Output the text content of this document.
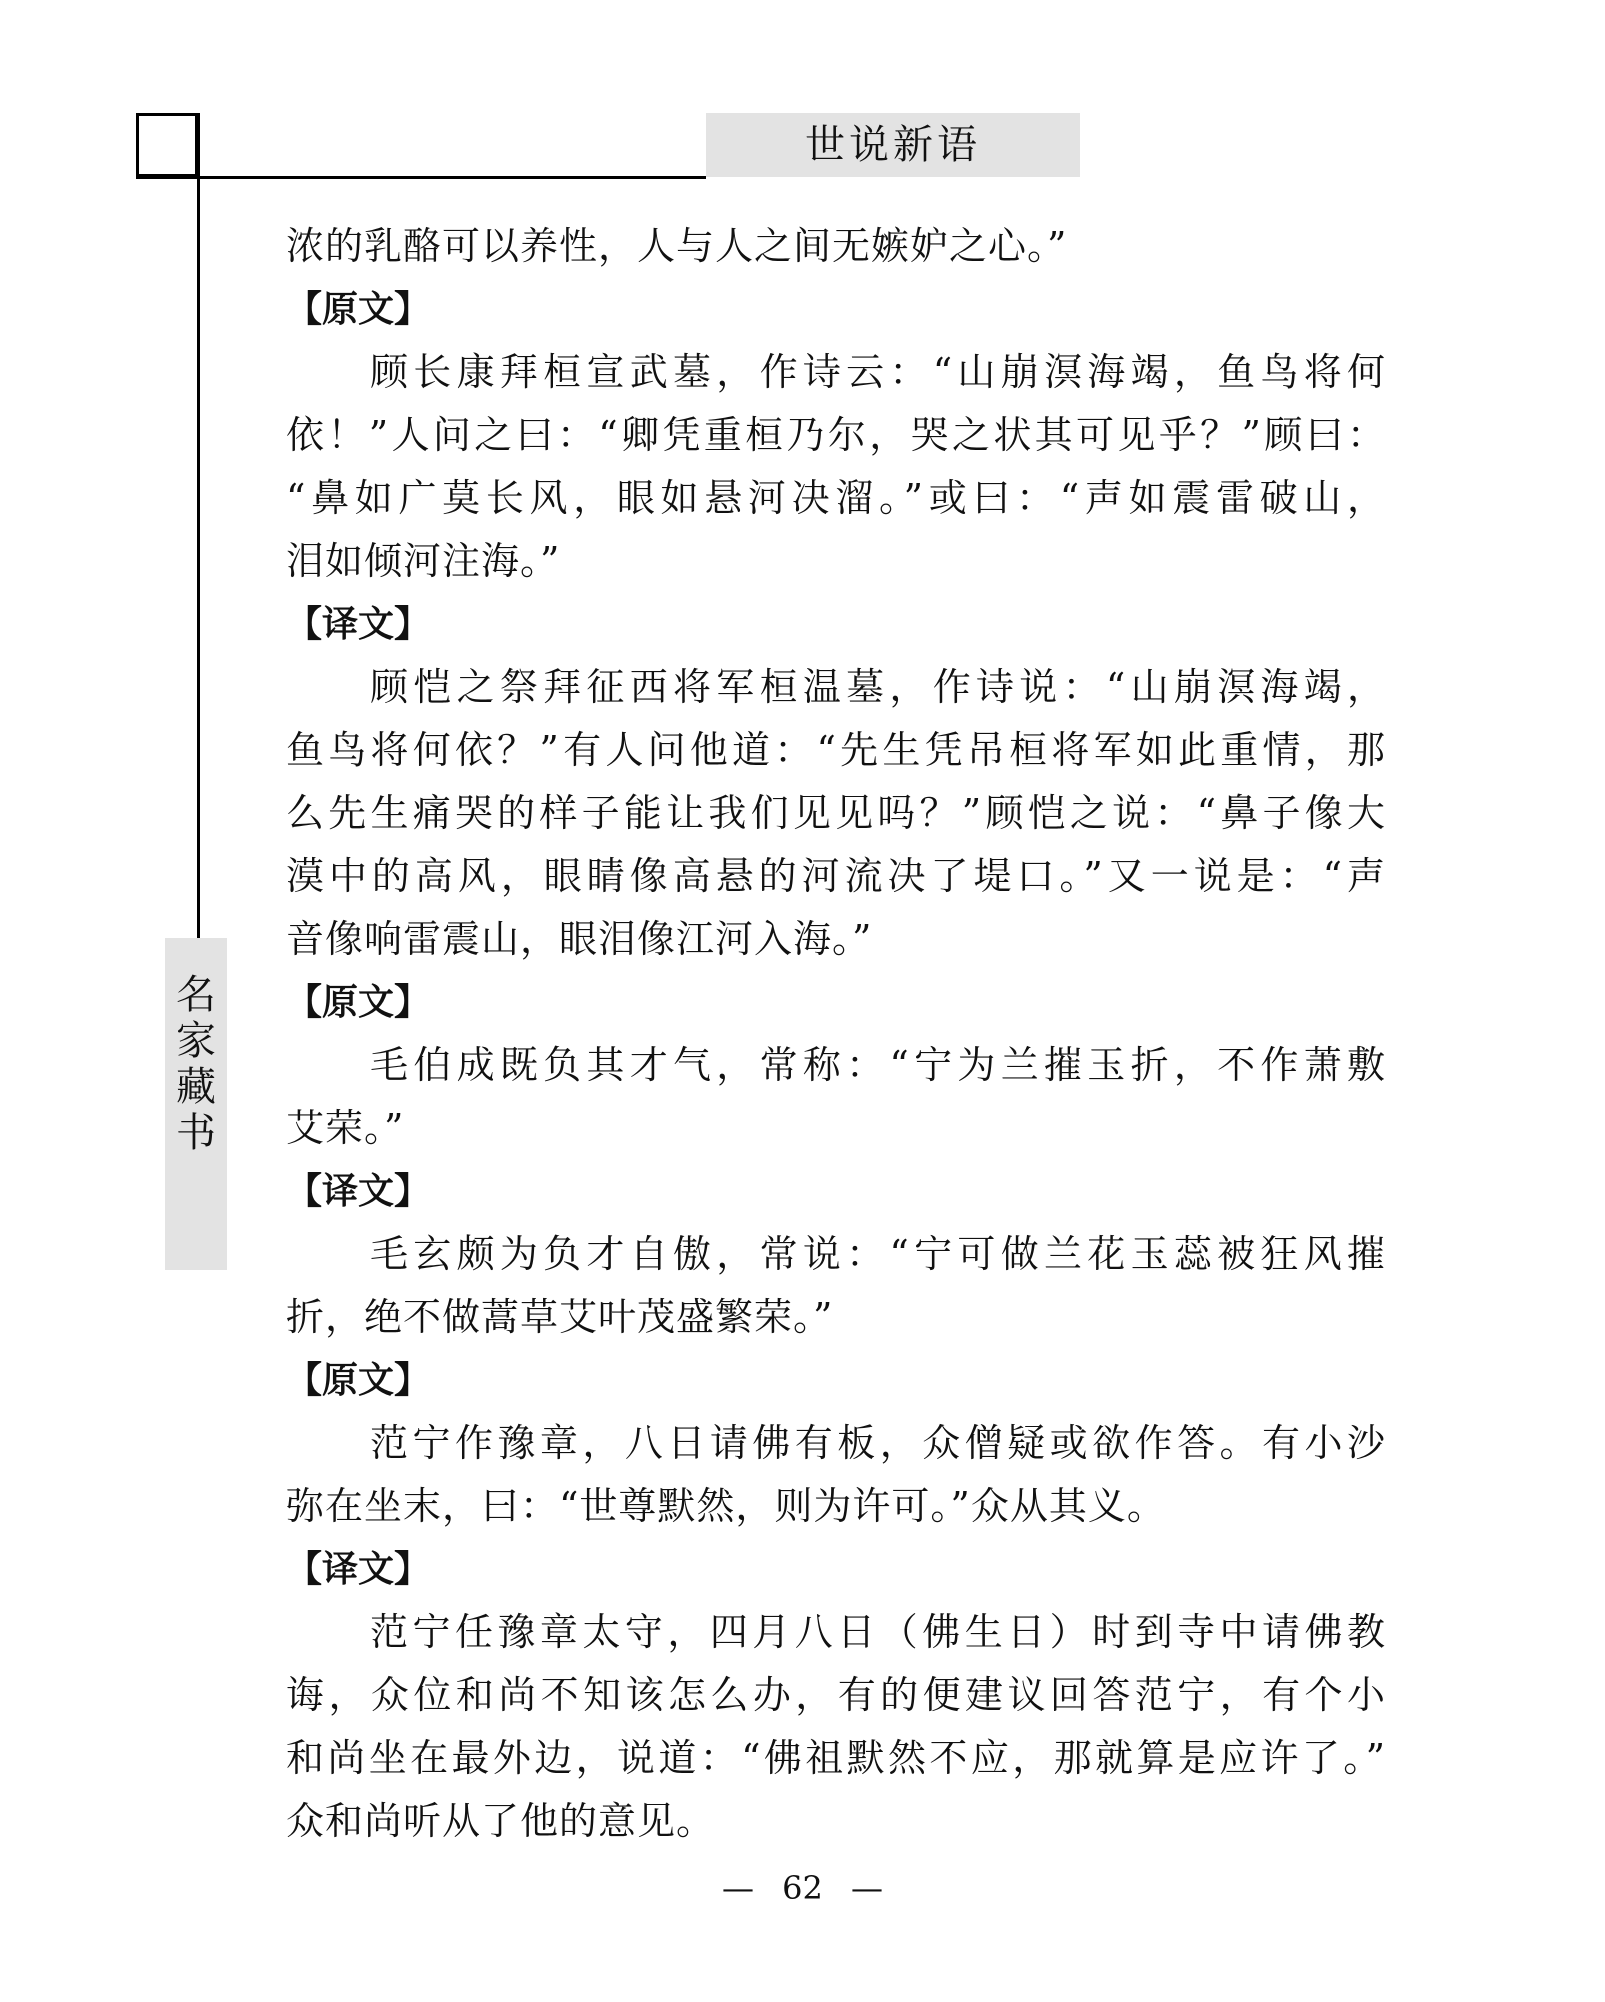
世说新语
名
家
藏
书
浓的乳酪可以养性，人与人之间无嫉妒之心。”
【原文】
顾长康拜桓宣武墓，作诗云：“山崩溟海竭，鱼鸟将何
依！”人问之曰：“卿凭重桓乃尔，哭之状其可见乎？”顾曰：
“鼻如广莫长风，眼如悬河决溜。”或曰：“声如震雷破山，
泪如倾河注海。”
【译文】
顾恺之祭拜征西将军桓温墓，作诗说：“山崩溟海竭，
鱼鸟将何依？”有人问他道：“先生凭吊桓将军如此重情，那
么先生痛哭的样子能让我们见见吗？”顾恺之说：“鼻子像大
漠中的高风，眼睛像高悬的河流决了堤口。”又一说是：“声
音像响雷震山，眼泪像江河入海。”
【原文】
毛伯成既负其才气，常称：“宁为兰摧玉折，不作萧敷
艾荣。”
【译文】
毛玄颇为负才自傲，常说：“宁可做兰花玉蕊被狂风摧
折，绝不做蒿草艾叶茂盛繁荣。”
【原文】
范宁作豫章，八日请佛有板，众僧疑或欲作答。有小沙
弥在坐末，曰：“世尊默然，则为许可。”众从其义。
【译文】
范宁任豫章太守，四月八日（佛生日）时到寺中请佛教
诲，众位和尚不知该怎么办，有的便建议回答范宁，有个小
和尚坐在最外边，说道：“佛祖默然不应，那就算是应许了。”
众和尚听从了他的意见。
— 62 —
